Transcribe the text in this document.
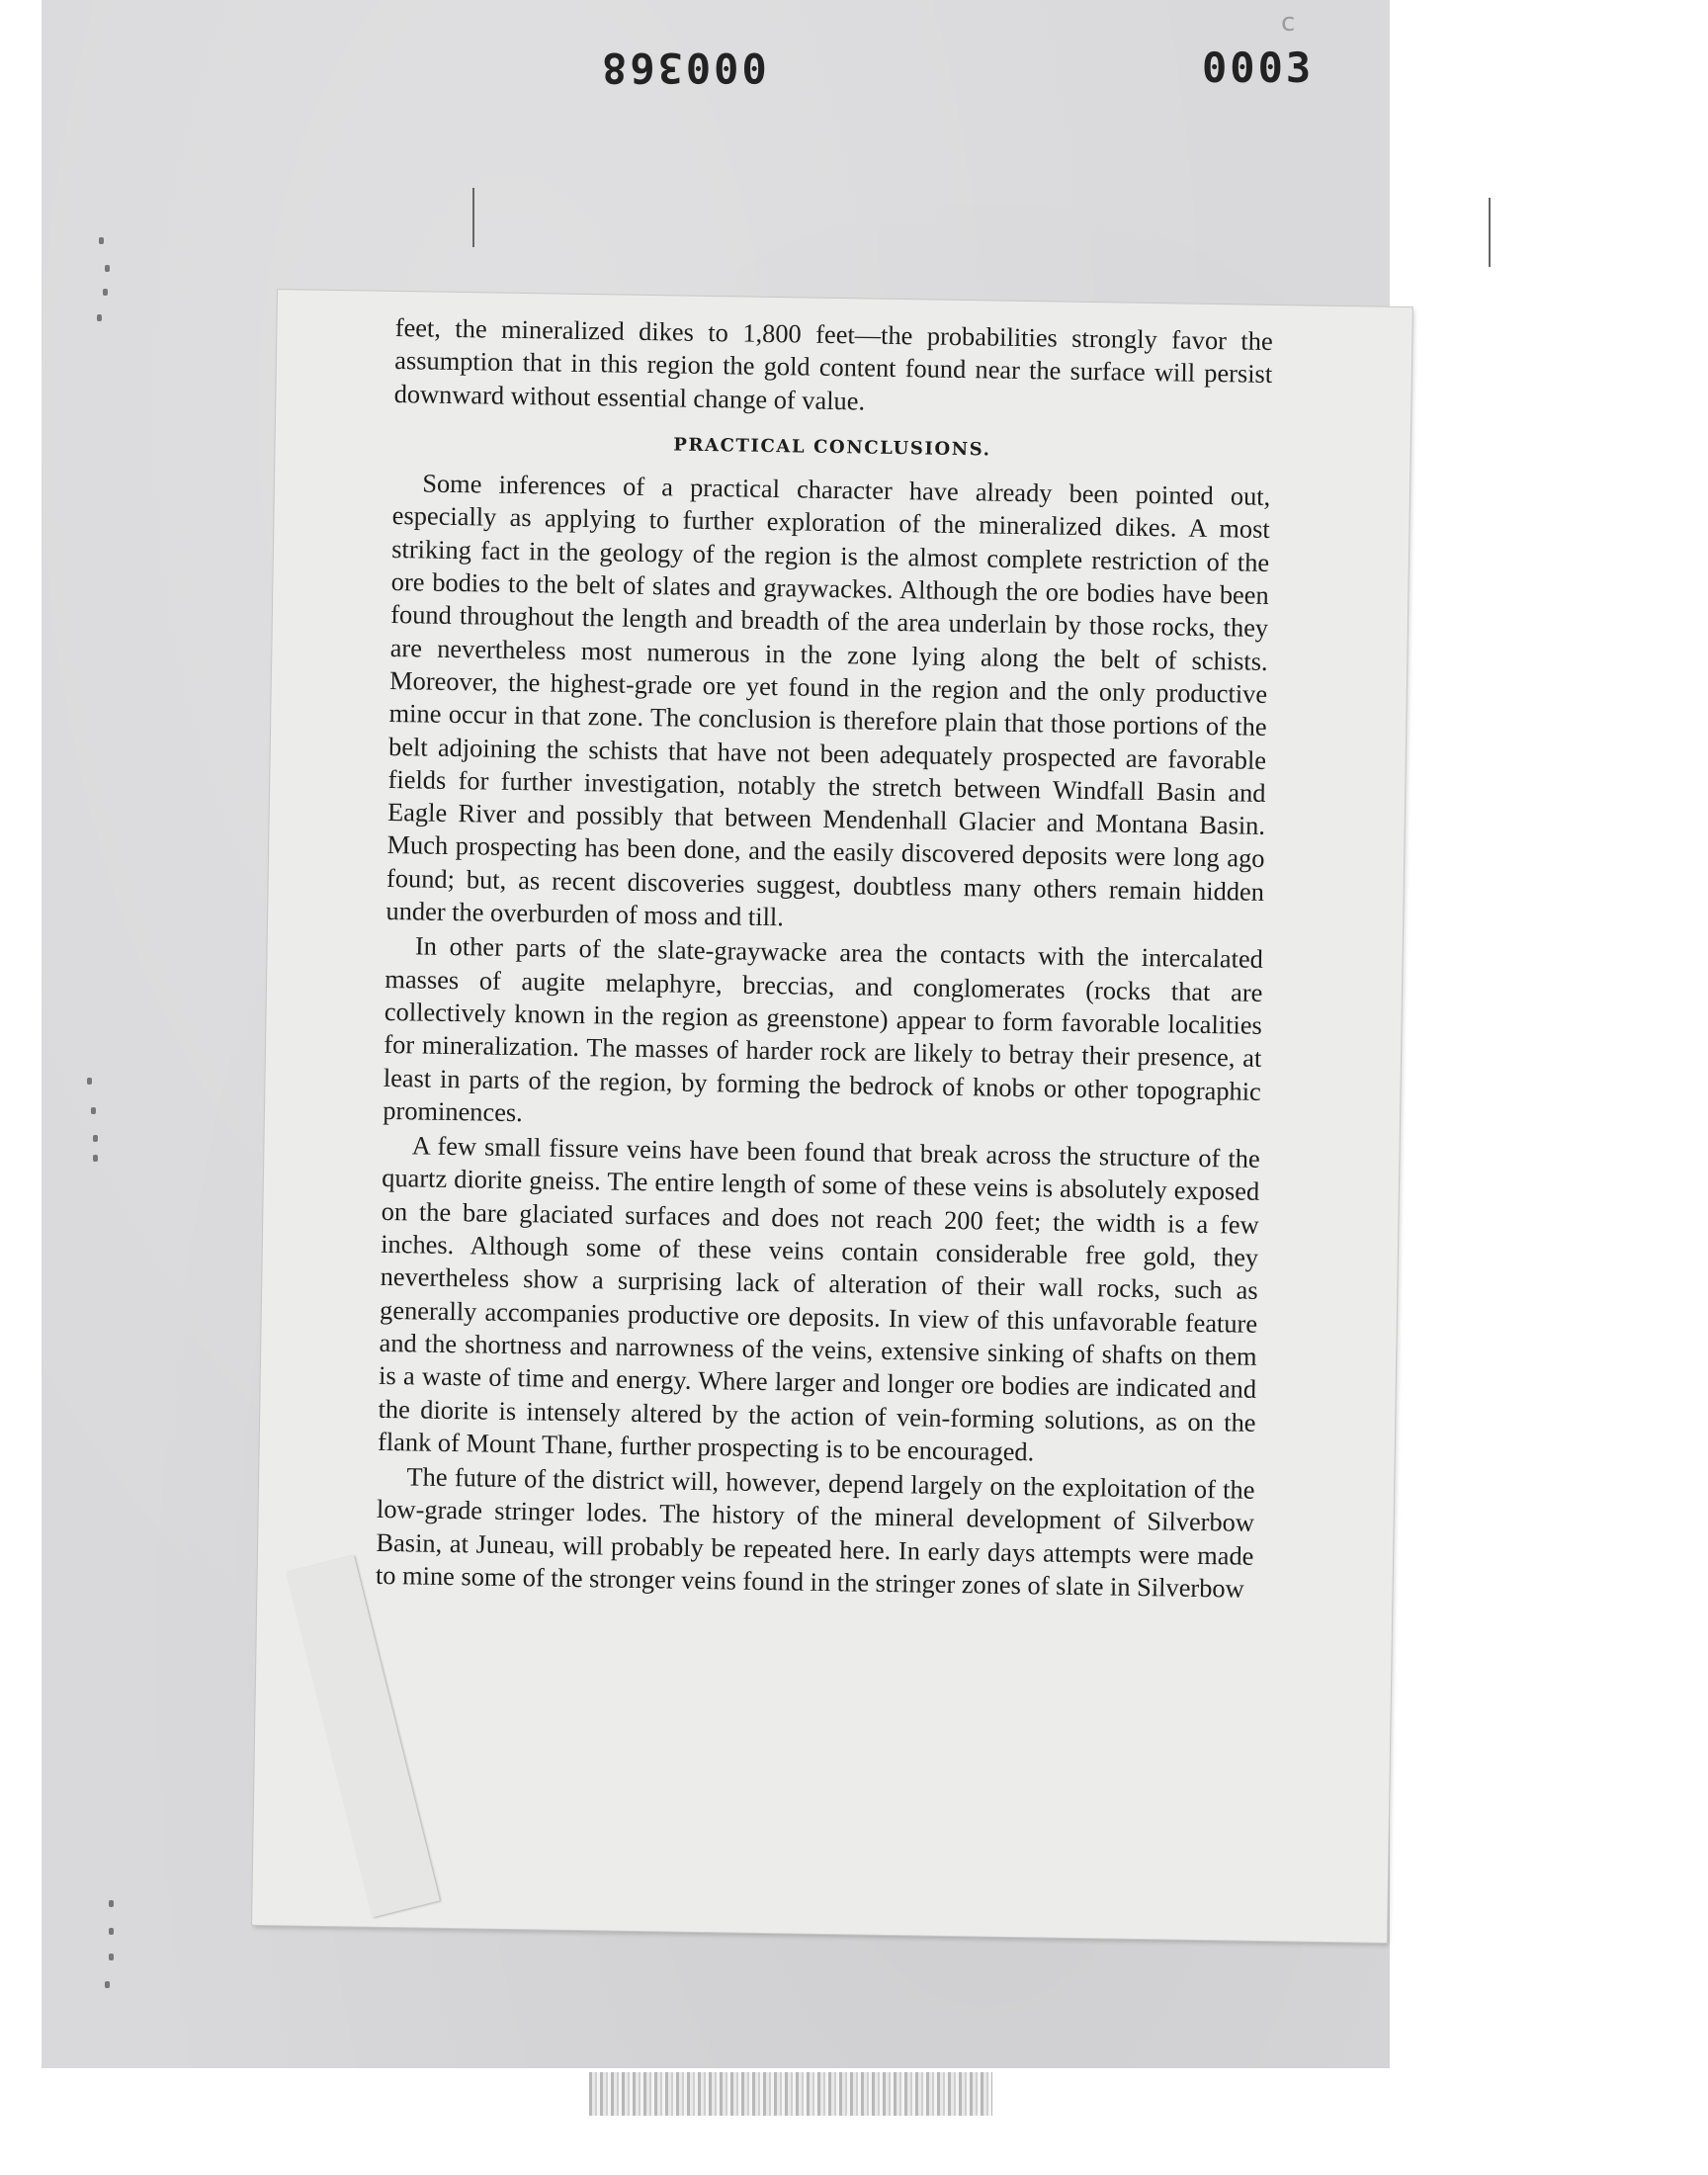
000368	0003
c

feet, the mineralized dikes to 1,800 feet—the probabilities strongly favor the assumption that in this region the gold content found near the surface will persist downward without essential change of value.

PRACTICAL CONCLUSIONS.

Some inferences of a practical character have already been pointed out, especially as applying to further exploration of the mineralized dikes. A most striking fact in the geology of the region is the almost complete restriction of the ore bodies to the belt of slates and graywackes. Although the ore bodies have been found throughout the length and breadth of the area underlain by those rocks, they are nevertheless most numerous in the zone lying along the belt of schists. Moreover, the highest-grade ore yet found in the region and the only productive mine occur in that zone. The conclusion is therefore plain that those portions of the belt adjoining the schists that have not been adequately prospected are favorable fields for further investigation, notably the stretch between Windfall Basin and Eagle River and possibly that between Mendenhall Glacier and Montana Basin. Much prospecting has been done, and the easily discovered deposits were long ago found; but, as recent discoveries suggest, doubtless many others remain hidden under the overburden of moss and till.

In other parts of the slate-graywacke area the contacts with the intercalated masses of augite melaphyre, breccias, and conglomerates (rocks that are collectively known in the region as greenstone) appear to form favorable localities for mineralization. The masses of harder rock are likely to betray their presence, at least in parts of the region, by forming the bedrock of knobs or other topographic prominences.

A few small fissure veins have been found that break across the structure of the quartz diorite gneiss. The entire length of some of these veins is absolutely exposed on the bare glaciated surfaces and does not reach 200 feet; the width is a few inches. Although some of these veins contain considerable free gold, they nevertheless show a surprising lack of alteration of their wall rocks, such as generally accompanies productive ore deposits. In view of this unfavorable feature and the shortness and narrowness of the veins, extensive sinking of shafts on them is a waste of time and energy. Where larger and longer ore bodies are indicated and the diorite is intensely altered by the action of vein-forming solutions, as on the flank of Mount Thane, further prospecting is to be encouraged.

The future of the district will, however, depend largely on the exploitation of the low-grade stringer lodes. The history of the mineral development of Silverbow Basin, at Juneau, will probably be repeated here. In early days attempts were made to mine some of the stronger veins found in the stringer zones of slate in Silverbow
